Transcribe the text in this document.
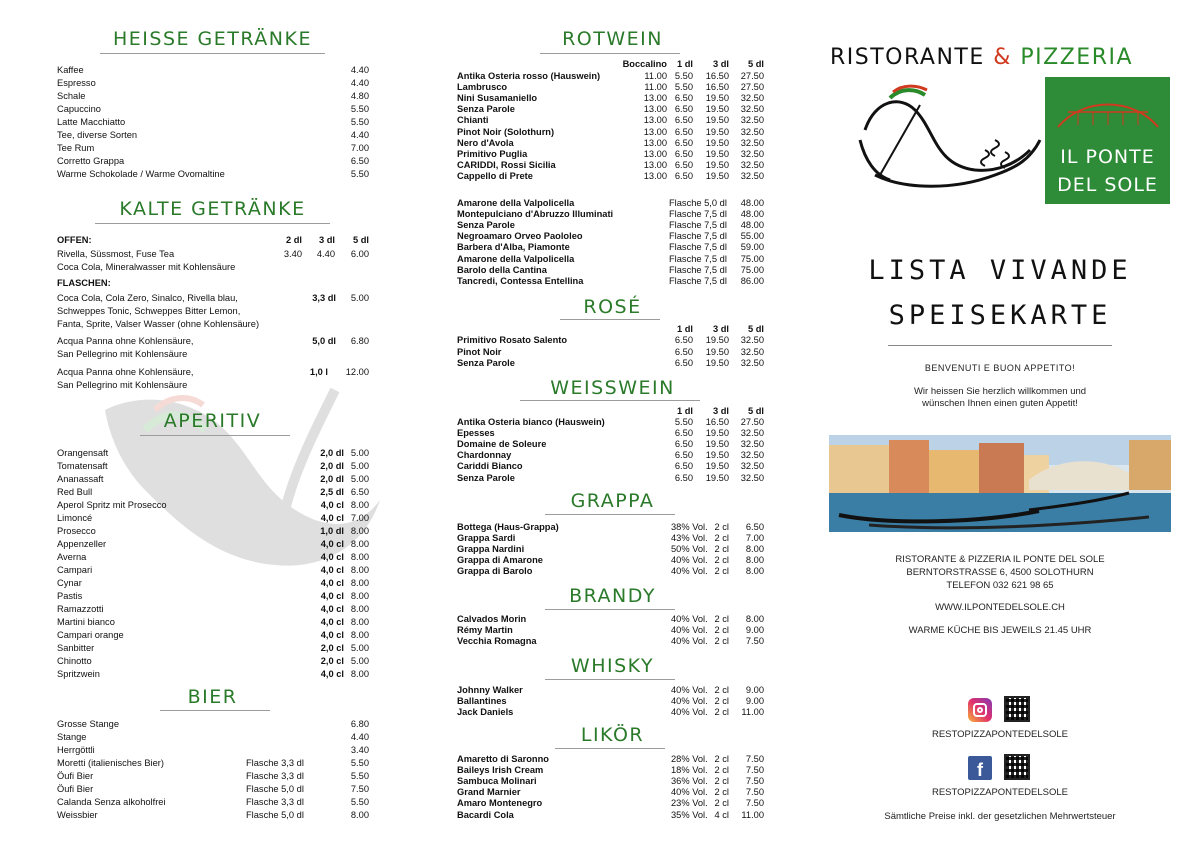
HEISSE GETRÄNKE
Kaffee	4.40
Espresso	4.40
Schale	4.80
Capuccino	5.50
Latte Macchiatto	5.50
Tee, diverse Sorten	4.40
Tee Rum	7.00
Corretto Grappa	6.50
Warme Schokolade / Warme Ovomaltine	5.50
KALTE GETRÄNKE
OFFEN:	2 dl	3 dl	5 dl
Rivella, Süssmost, Fuse Tea	3.40	4.40	6.00
Coca Cola, Mineralwasser mit Kohlensäure
FLASCHEN:
Coca Cola, Cola Zero, Sinalco, Rivella blau,
Schweppes Tonic, Schweppes Bitter Lemon,
Fanta, Sprite, Valser Wasser (ohne Kohlensäure)
3,3 dl	5.00
Acqua Panna ohne Kohlensäure,
San Pellegrino mit Kohlensäure
5,0 dl	6.80
Acqua Panna ohne Kohlensäure,
San Pellegrino mit Kohlensäure
1,0 l	12.00
APERITIV
Orangensaft	2,0 dl 5.00
Tomatensaft	2,0 dl 5.00
Ananassaft	2,0 dl 5.00
Red Bull	2,5 dl 6.50
Aperol Spritz mit Prosecco	4,0 cl 8.00
Limoncé	4,0 cl 7.00
Prosecco	1,0 dl 8.00
Appenzeller	4,0 cl 8.00
Averna	4,0 cl 8.00
Campari	4,0 cl 8.00
Cynar	4,0 cl 8.00
Pastis	4,0 cl 8.00
Ramazzotti	4,0 cl 8.00
Martini bianco	4,0 cl 8.00
Campari orange	4,0 cl 8.00
Sanbitter	2,0 cl 5.00
Chinotto	2,0 cl 5.00
Spritzwein	4,0 cl 8.00
BIER
Grosse Stange	6.80
Stange	4.40
Herrgöttli	3.40
Moretti (italienisches Bier)	Flasche 3,3 dl	5.50
Öufi Bier	Flasche 3,3 dl	5.50
Öufi Bier	Flasche 5,0 dl	7.50
Calanda Senza alkoholfrei	Flasche 3,3 dl	5.50
Weissbier	Flasche 5,0 dl	8.00
ROTWEIN
Boccalino	1 dl	3 dl	5 dl
Antika Osteria rosso (Hauswein)	11.00 5.50	16.50	27.50
Lambrusco	11.00 5.50	16.50	27.50
Nini Susamaniello	13.00 6.50	19.50	32.50
Senza Parole	13.00 6.50	19.50	32.50
Chianti	13.00 6.50	19.50	32.50
Pinot Noir (Solothurn)	13.00 6.50	19.50	32.50
Nero d'Avola	13.00 6.50	19.50	32.50
Primitivo Puglia	13.00 6.50	19.50	32.50
CARIDDI, Rossi Sicilia	13.00 6.50	19.50	32.50
Cappello di Prete	13.00 6.50	19.50	32.50
Amarone della Valpolicella	Flasche 5,0 dl	48.00
Montepulciano d'Abruzzo Illuminati	Flasche 7,5 dl	48.00
Senza Parole	Flasche 7,5 dl	48.00
Negroamaro Orveo Paololeo	Flasche 7,5 dl	55.00
Barbera d'Alba, Piamonte	Flasche 7,5 dl	59.00
Amarone della Valpolicella	Flasche 7,5 dl	75.00
Barolo della Cantina	Flasche 7,5 dl	75.00
Tancredi, Contessa Entellina	Flasche 7,5 dl	86.00
ROSÉ
1 dl	3 dl	5 dl
Primitivo Rosato Salento	6.50	19.50	32.50
Pinot Noir	6.50	19.50	32.50
Senza Parole	6.50	19.50	32.50
WEISSWEIN
1 dl	3 dl	5 dl
Antika Osteria bianco (Hauswein)	5.50	16.50	27.50
Epesses	6.50	19.50	32.50
Domaine de Soleure	6.50	19.50	32.50
Chardonnay	6.50	19.50	32.50
Cariddi Bianco	6.50	19.50	32.50
Senza Parole	6.50	19.50	32.50
GRAPPA
Bottega (Haus-Grappa)	38% Vol. 2 cl	6.50
Grappa Sardi	43% Vol. 2 cl	7.00
Grappa Nardini	50% Vol. 2 cl	8.00
Grappa di Amarone	40% Vol. 2 cl	8.00
Grappa di Barolo	40% Vol. 2 cl	8.00
BRANDY
Calvados Morin	40% Vol. 2 cl	8.00
Rémy Martin	40% Vol. 2 cl	9.00
Vecchia Romagna	40% Vol. 2 cl	7.50
WHISKY
Johnny Walker	40% Vol. 2 cl	9.00
Ballantines	40% Vol. 2 cl	9.00
Jack Daniels	40% Vol. 2 cl	11.00
LIKÖR
Amaretto di Saronno	28% Vol. 2 cl	7.50
Baileys Irish Cream	18% Vol. 2 cl	7.50
Sambuca Molinari	36% Vol. 2 cl	7.50
Grand Marnier	40% Vol. 2 cl	7.50
Amaro Montenegro	23% Vol. 2 cl	7.50
Bacardi Cola	35% Vol. 4 cl	11.00
RISTORANTE & PIZZERIA
IL PONTE
DEL SOLE
LISTA VIVANDE
SPEISEKARTE
BENVENUTI E BUON APPETITO!
Wir heissen Sie herzlich willkommen und
wünschen Ihnen einen guten Appetit!
RISTORANTE & PIZZERIA IL PONTE DEL SOLE
BERNTORSTRASSE 6, 4500 SOLOTHURN
TELEFON 032 621 98 65
WWW.ILPONTEDELSOLE.CH
WARME KÜCHE BIS JEWEILS 21.45 UHR
RESTOPIZZAPONTEDELSOLE
f
RESTOPIZZAPONTEDELSOLE
Sämtliche Preise inkl. der gesetzlichen Mehrwertsteuer
